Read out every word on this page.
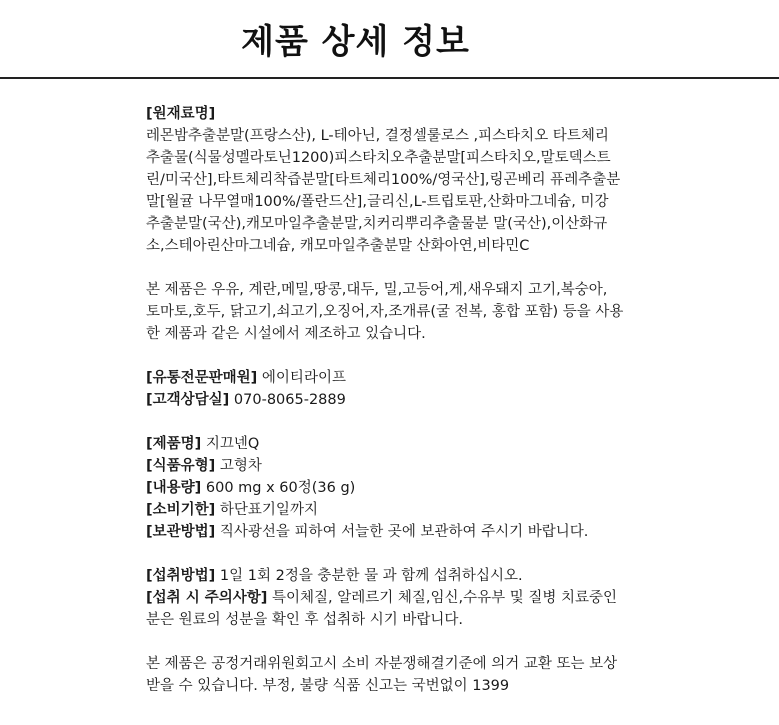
제품 상세 정보
[원재료명]
레몬밤추출분말(프랑스산), L-테아닌, 결정셀룰로스 ,피스타치오 타트체리
추출물(식물성멜라토닌1200)피스타치오추출분말[피스타치오,말토덱스트
린/미국산],타트체리착즙분말[타트체리100%/영국산],링곤베리 퓨레추출분
말[월귤 나무열매100%/폴란드산],글리신,L-트립토판,산화마그네슘, 미강
추출분말(국산),캐모마일추출분말,치커리뿌리추출물분 말(국산),이산화규
소,스테아린산마그네슘, 캐모마일추출분말 산화아연,비타민C
본 제품은 우유, 계란,메밀,땅콩,대두, 밀,고등어,게,새우돼지 고기,복숭아,
토마토,호두, 닭고기,쇠고기,오징어,자,조개류(굴 전복, 홍합 포함) 등을 사용
한 제품과 같은 시설에서 제조하고 있습니다.
[유통전문판매원] 에이티라이프
[고객상담실] 070-8065-2889
[제품명] 지끄넨Q
[식품유형] 고형차
[내용량] 600 mg x 60정(36 g)
[소비기한] 하단표기일까지
[보관방법] 직사광선을 피하여 서늘한 곳에 보관하여 주시기 바랍니다.
[섭취방법] 1일 1회 2정을 충분한 물 과 함께 섭취하십시오.
[섭취 시 주의사항] 특이체질, 알레르기 체질,임신,수유부 및 질병 치료중인
분은 원료의 성분을 확인 후 섭취하 시기 바랍니다.
본 제품은 공정거래위원회고시 소비 자분쟁해결기준에 의거 교환 또는 보상
받을 수 있습니다. 부정, 불량 식품 신고는 국번없이 1399
